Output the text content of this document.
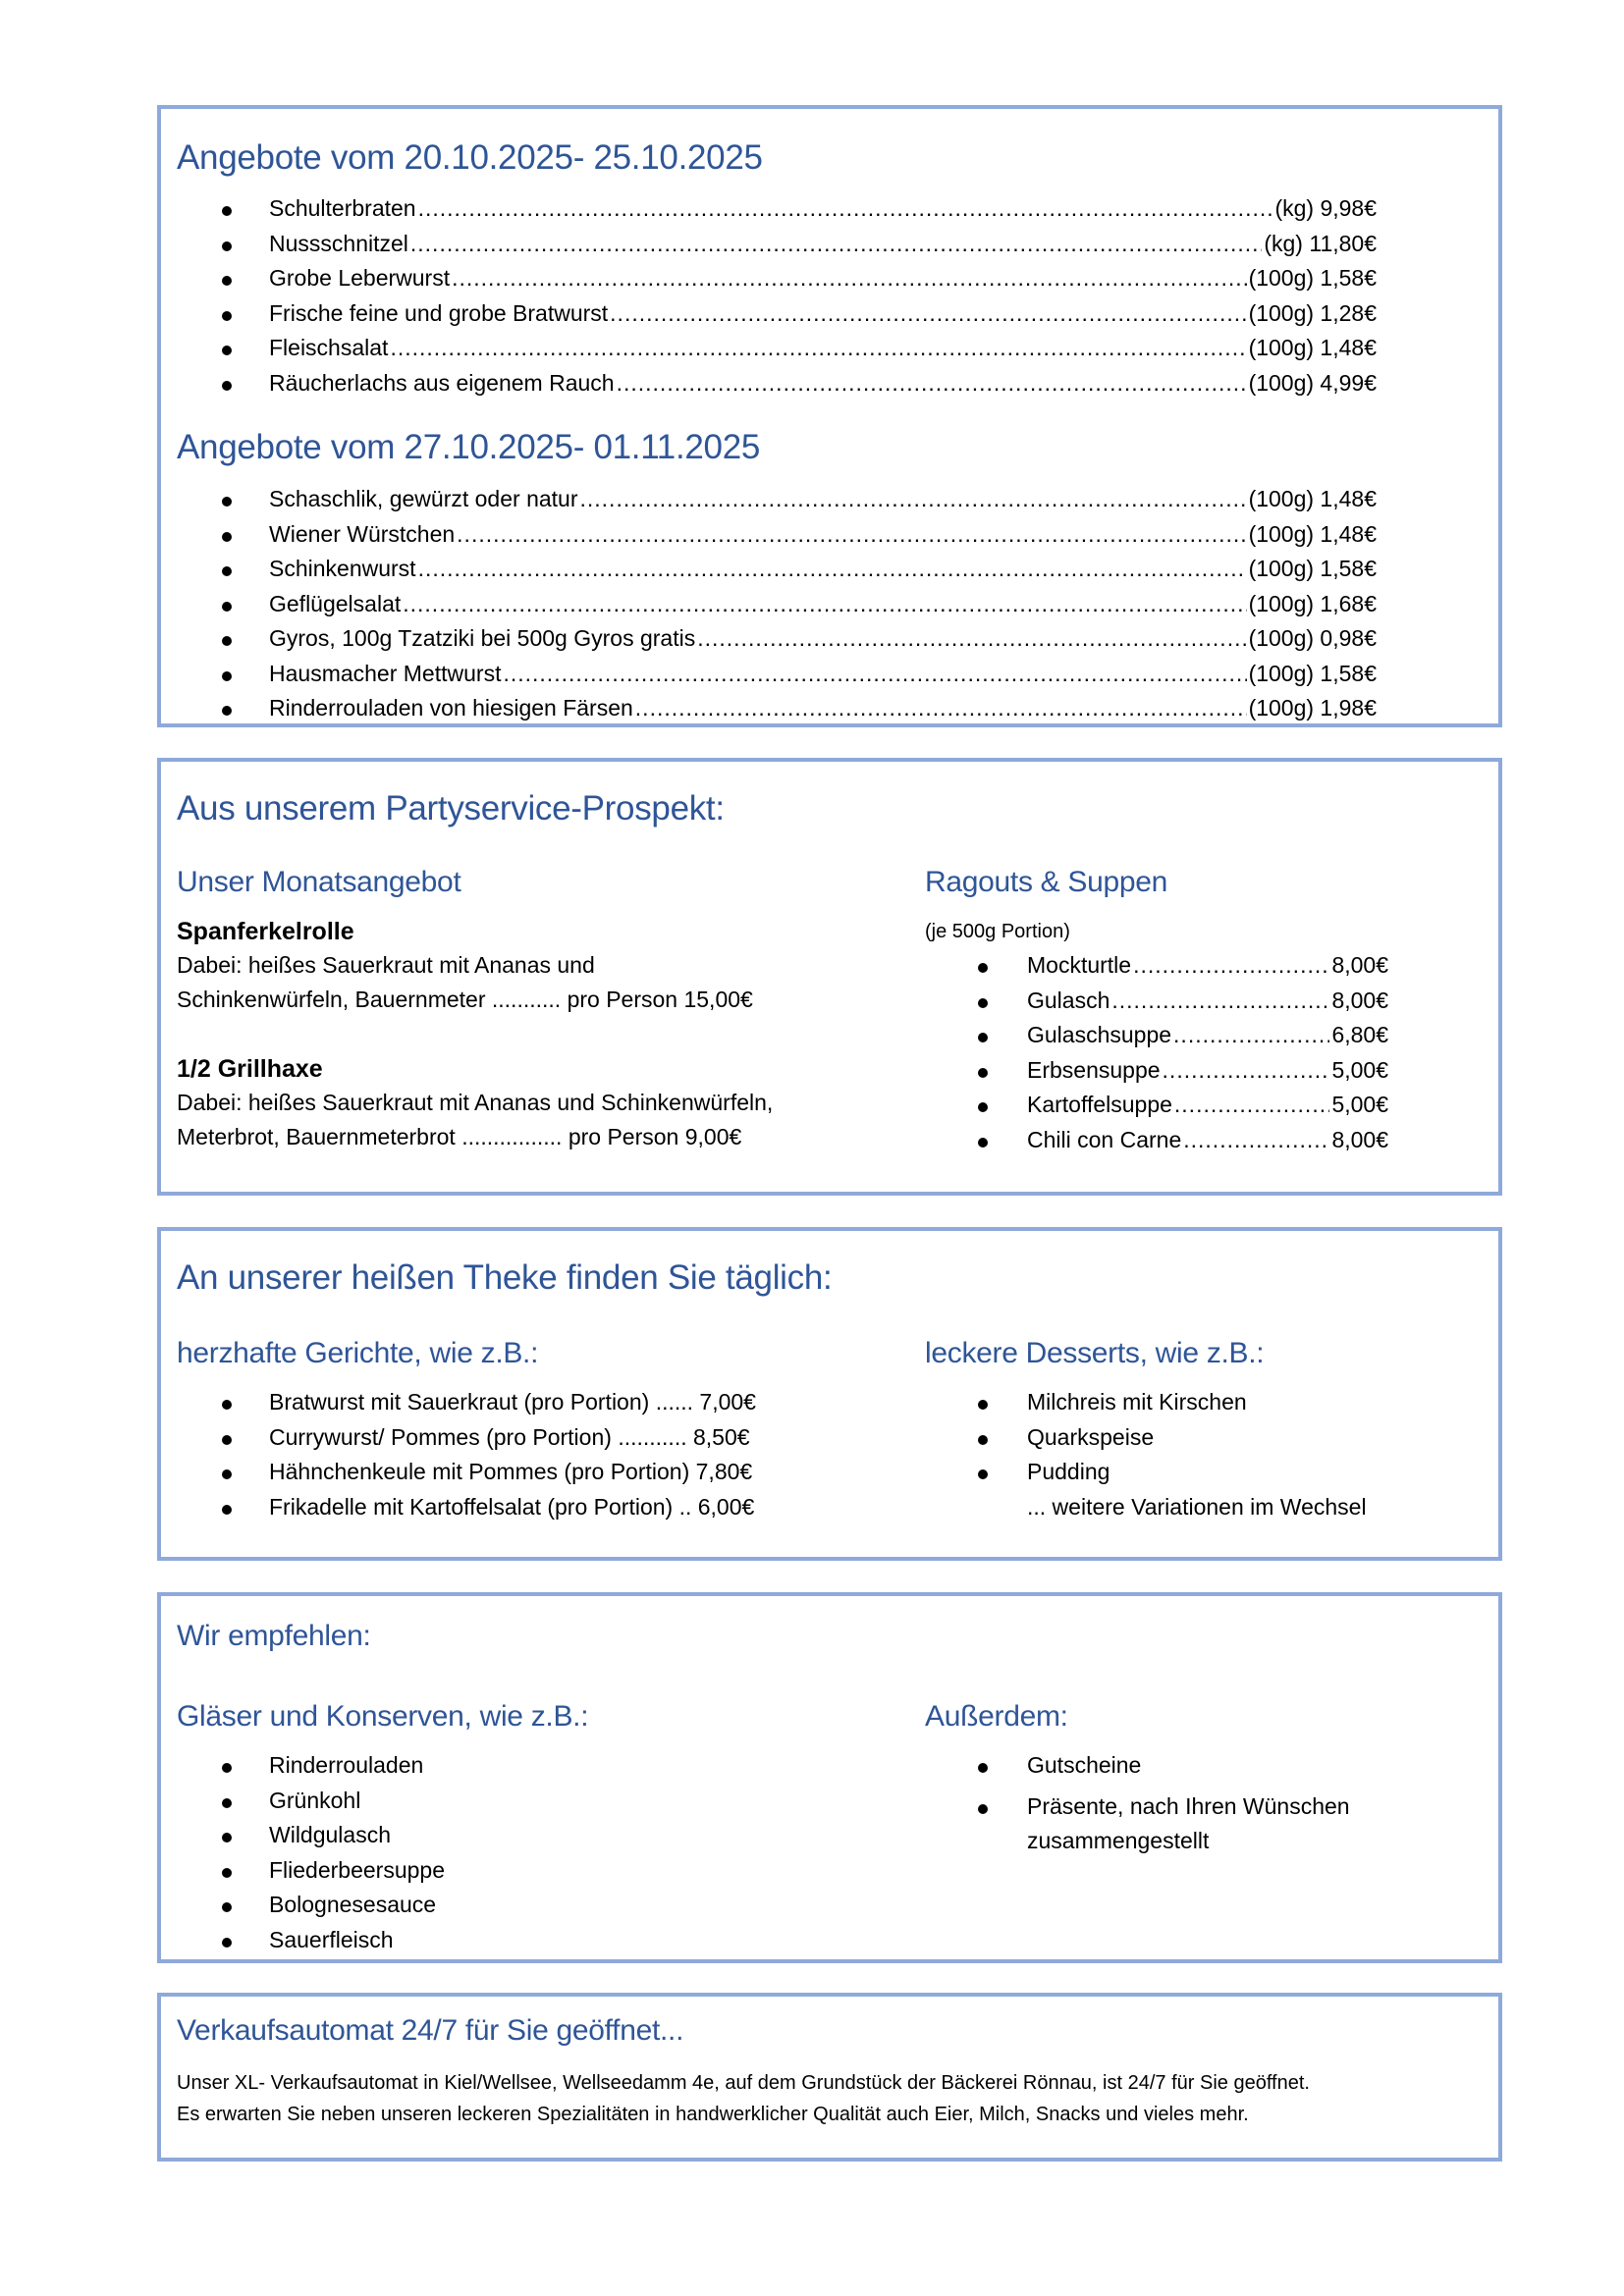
Angebote vom 20.10.2025- 25.10.2025
Schulterbraten .....	(kg) 9,98€
Nussschnitzel .....	(kg) 11,80€
Grobe Leberwurst .....	(100g) 1,58€
Frische feine und grobe Bratwurst .....	(100g) 1,28€
Fleischsalat .....	(100g) 1,48€
Räucherlachs aus eigenem Rauch .....	(100g) 4,99€
Angebote vom 27.10.2025- 01.11.2025
Schaschlik, gewürzt oder natur .....	(100g) 1,48€
Wiener Würstchen .....	(100g) 1,48€
Schinkenwurst .....	(100g) 1,58€
Geflügelsalat .....	(100g) 1,68€
Gyros, 100g Tzatziki bei 500g Gyros gratis .....	(100g) 0,98€
Hausmacher Mettwurst .....	(100g) 1,58€
Rinderrouladen von hiesigen Färsen .....	(100g) 1,98€
Aus unserem Partyservice-Prospekt:
Unser Monatsangebot
Spanferkelrolle
Dabei: heißes Sauerkraut mit Ananas und
Schinkenwürfeln, Bauernmeter ........... pro Person 15,00€
1/2 Grillhaxe
Dabei: heißes Sauerkraut mit Ananas und Schinkenwürfeln,
Meterbrot, Bauernmeterbrot ................ pro Person 9,00€
Ragouts & Suppen
(je 500g Portion)
Mockturtle .....	8,00€
Gulasch .....	8,00€
Gulaschsuppe .....	6,80€
Erbsensuppe .....	5,00€
Kartoffelsuppe .....	5,00€
Chili con Carne .....	8,00€
An unserer heißen Theke finden Sie täglich:
herzhafte Gerichte, wie z.B.:
Bratwurst mit Sauerkraut (pro Portion) ...... 7,00€
Currywurst/ Pommes (pro Portion) ........... 8,50€
Hähnchenkeule mit Pommes (pro Portion) 7,80€
Frikadelle mit Kartoffelsalat (pro Portion) .. 6,00€
leckere Desserts, wie z.B.:
Milchreis mit Kirschen
Quarkspeise
Pudding
... weitere Variationen im Wechsel
Wir empfehlen:
Gläser und Konserven, wie z.B.:
Rinderrouladen
Grünkohl
Wildgulasch
Fliederbeersuppe
Bolognesesauce
Sauerfleisch
Außerdem:
Gutscheine
Präsente, nach Ihren Wünschen
zusammengestellt
Verkaufsautomat 24/7 für Sie geöffnet...
Unser XL- Verkaufsautomat in Kiel/Wellsee, Wellseedamm 4e, auf dem Grundstück der Bäckerei Rönnau, ist 24/7 für Sie geöffnet.
Es erwarten Sie neben unseren leckeren Spezialitäten in handwerklicher Qualität auch Eier, Milch, Snacks und vieles mehr.
